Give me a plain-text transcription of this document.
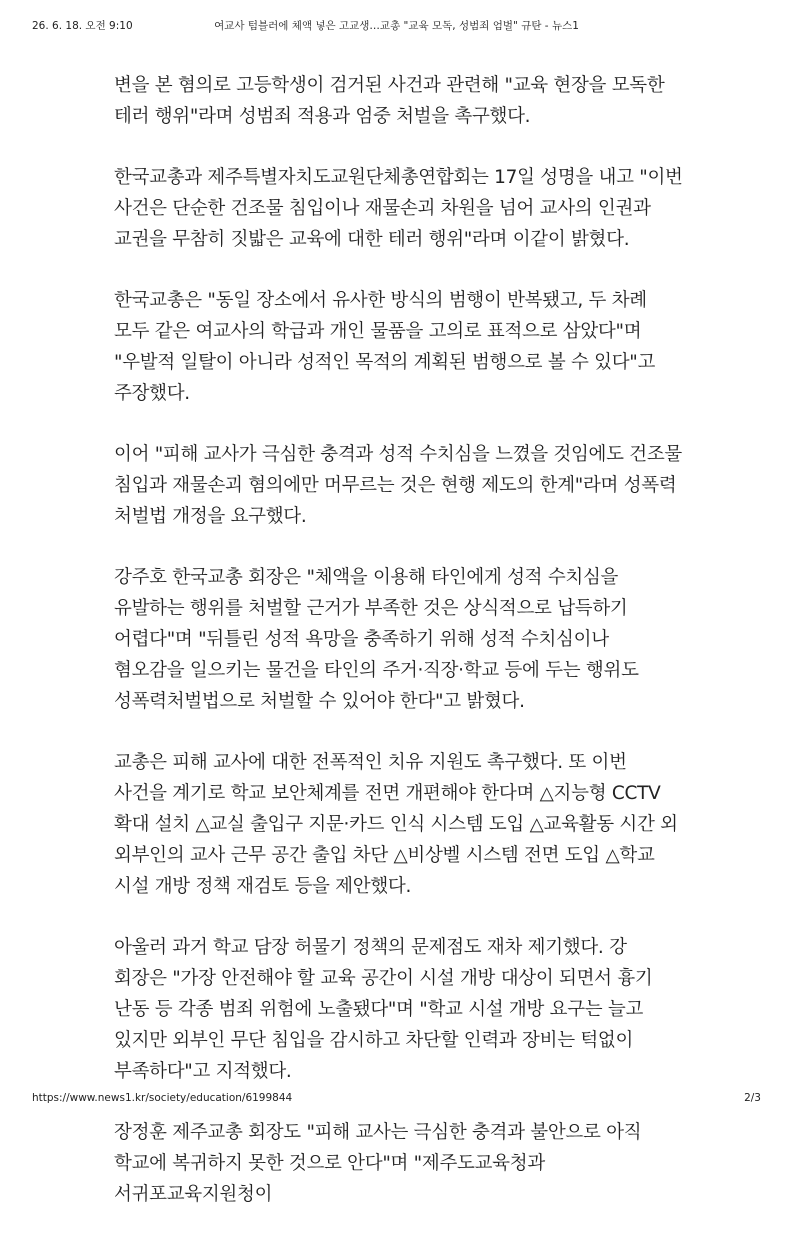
26. 6. 18. 오전 9:10	여교사 텀블러에 체액 넣은 고교생…교총 "교육 모독, 성범죄 엄벌" 규탄 - 뉴스1

변을 본 혐의로 고등학생이 검거된 사건과 관련해 "교육 현장을 모독한 테러 행위"라며 성범죄 적용과 엄중 처벌을 촉구했다.

한국교총과 제주특별자치도교원단체총연합회는 17일 성명을 내고 "이번 사건은 단순한 건조물 침입이나 재물손괴 차원을 넘어 교사의 인권과 교권을 무참히 짓밟은 교육에 대한 테러 행위"라며 이같이 밝혔다.

한국교총은 "동일 장소에서 유사한 방식의 범행이 반복됐고, 두 차례 모두 같은 여교사의 학급과 개인 물품을 고의로 표적으로 삼았다"며 "우발적 일탈이 아니라 성적인 목적의 계획된 범행으로 볼 수 있다"고 주장했다.

이어 "피해 교사가 극심한 충격과 성적 수치심을 느꼈을 것임에도 건조물 침입과 재물손괴 혐의에만 머무르는 것은 현행 제도의 한계"라며 성폭력 처벌법 개정을 요구했다.

강주호 한국교총 회장은 "체액을 이용해 타인에게 성적 수치심을 유발하는 행위를 처벌할 근거가 부족한 것은 상식적으로 납득하기 어렵다"며 "뒤틀린 성적 욕망을 충족하기 위해 성적 수치심이나 혐오감을 일으키는 물건을 타인의 주거·직장·학교 등에 두는 행위도 성폭력처벌법으로 처벌할 수 있어야 한다"고 밝혔다.

교총은 피해 교사에 대한 전폭적인 치유 지원도 촉구했다. 또 이번 사건을 계기로 학교 보안체계를 전면 개편해야 한다며 △지능형 CCTV 확대 설치 △교실 출입구 지문·카드 인식 시스템 도입 △교육활동 시간 외 외부인의 교사 근무 공간 출입 차단 △비상벨 시스템 전면 도입 △학교 시설 개방 정책 재검토 등을 제안했다.

아울러 과거 학교 담장 허물기 정책의 문제점도 재차 제기했다. 강 회장은 "가장 안전해야 할 교육 공간이 시설 개방 대상이 되면서 흉기 난동 등 각종 범죄 위험에 노출됐다"며 "학교 시설 개방 요구는 늘고 있지만 외부인 무단 침입을 감시하고 차단할 인력과 장비는 턱없이 부족하다"고 지적했다.

장정훈 제주교총 회장도 "피해 교사는 극심한 충격과 불안으로 아직 학교에 복귀하지 못한 것으로 안다"며 "제주도교육청과 서귀포교육지원청이

https://www.news1.kr/society/education/6199844	2/3
